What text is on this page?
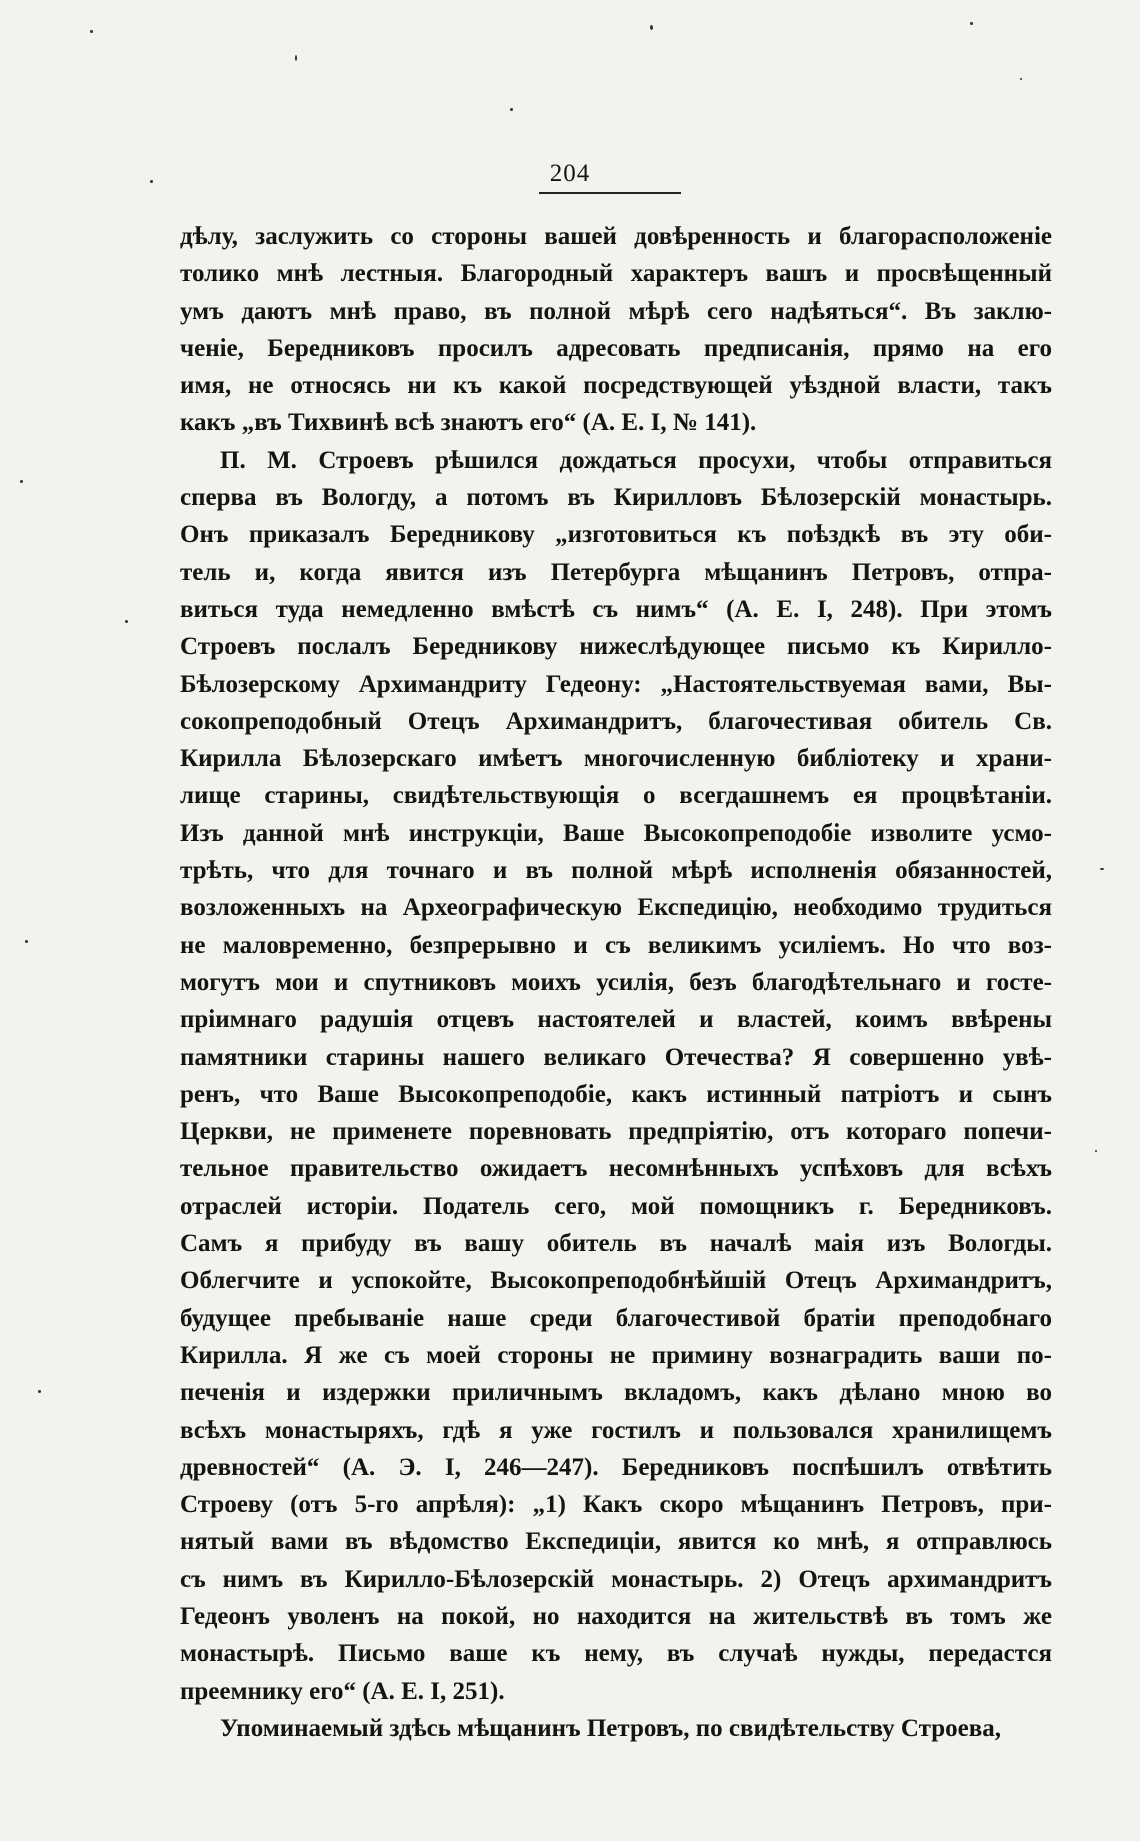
204
дѣлу, заслужить со стороны вашей довѣренность и благорасположеніе
толико мнѣ лестныя. Благородный характеръ вашъ и просвѣщенный
умъ даютъ мнѣ право, въ полной мѣрѣ сего надѣяться“. Въ заклю-
ченіе, Бередниковъ просилъ адресовать предписанія, прямо на его
имя, не относясь ни къ какой посредствующей уѣздной власти, такъ
какъ „въ Тихвинѣ всѣ знаютъ его“ (А. Е. I, № 141).
П. М. Строевъ рѣшился дождаться просухи, чтобы отправиться
сперва въ Вологду, а потомъ въ Кирилловъ Бѣлозерскій монастырь.
Онъ приказалъ Бередникову „изготовиться къ поѣздкѣ въ эту оби-
тель и, когда явится изъ Петербурга мѣщанинъ Петровъ, отпра-
виться туда немедленно вмѣстѣ съ нимъ“ (А. Е. I, 248). При этомъ
Строевъ послалъ Бередникову нижеслѣдующее письмо къ Кирилло-
Бѣлозерскому Архимандриту Гедеону: „Настоятельствуемая вами, Вы-
сокопреподобный Отецъ Архимандритъ, благочестивая обитель Св.
Кирилла Бѣлозерскаго имѣетъ многочисленную библіотеку и храни-
лище старины, свидѣтельствующія о всегдашнемъ ея процвѣтаніи.
Изъ данной мнѣ инструкціи, Ваше Высокопреподобіе изволите усмо-
трѣть, что для точнаго и въ полной мѣрѣ исполненія обязанностей,
возложенныхъ на Археографическую Експедицію, необходимо трудиться
не маловременно, безпрерывно и съ великимъ усиліемъ. Но что воз-
могутъ мои и спутниковъ моихъ усилія, безъ благодѣтельнаго и госте-
пріимнаго радушія отцевъ настоятелей и властей, коимъ ввѣрены
памятники старины нашего великаго Отечества? Я совершенно увѣ-
ренъ, что Ваше Высокопреподобіе, какъ истинный патріотъ и сынъ
Церкви, не применете поревновать предпріятію, отъ котораго попечи-
тельное правительство ожидаетъ несомнѣнныхъ успѣховъ для всѣхъ
отраслей исторіи. Податель сего, мой помощникъ г. Бередниковъ.
Самъ я прибуду въ вашу обитель въ началѣ маія изъ Вологды.
Облегчите и успокойте, Высокопреподобнѣйшій Отецъ Архимандритъ,
будущее пребываніе наше среди благочестивой братіи преподобнаго
Кирилла. Я же съ моей стороны не примину вознаградить ваши по-
печенія и издержки приличнымъ вкладомъ, какъ дѣлано мною во
всѣхъ монастыряхъ, гдѣ я уже гостилъ и пользовался хранилищемъ
древностей“ (А. Э. I, 246—247). Бередниковъ поспѣшилъ отвѣтить
Строеву (отъ 5-го апрѣля): „1) Какъ скоро мѣщанинъ Петровъ, при-
нятый вами въ вѣдомство Експедиціи, явится ко мнѣ, я отправлюсь
съ нимъ въ Кирилло-Бѣлозерскій монастырь. 2) Отецъ архимандритъ
Гедеонъ уволенъ на покой, но находится на жительствѣ въ томъ же
монастырѣ. Письмо ваше къ нему, въ случаѣ нужды, передастся
преемнику его“ (А. Е. I, 251).
Упоминаемый здѣсь мѣщанинъ Петровъ, по свидѣтельству Строева,
